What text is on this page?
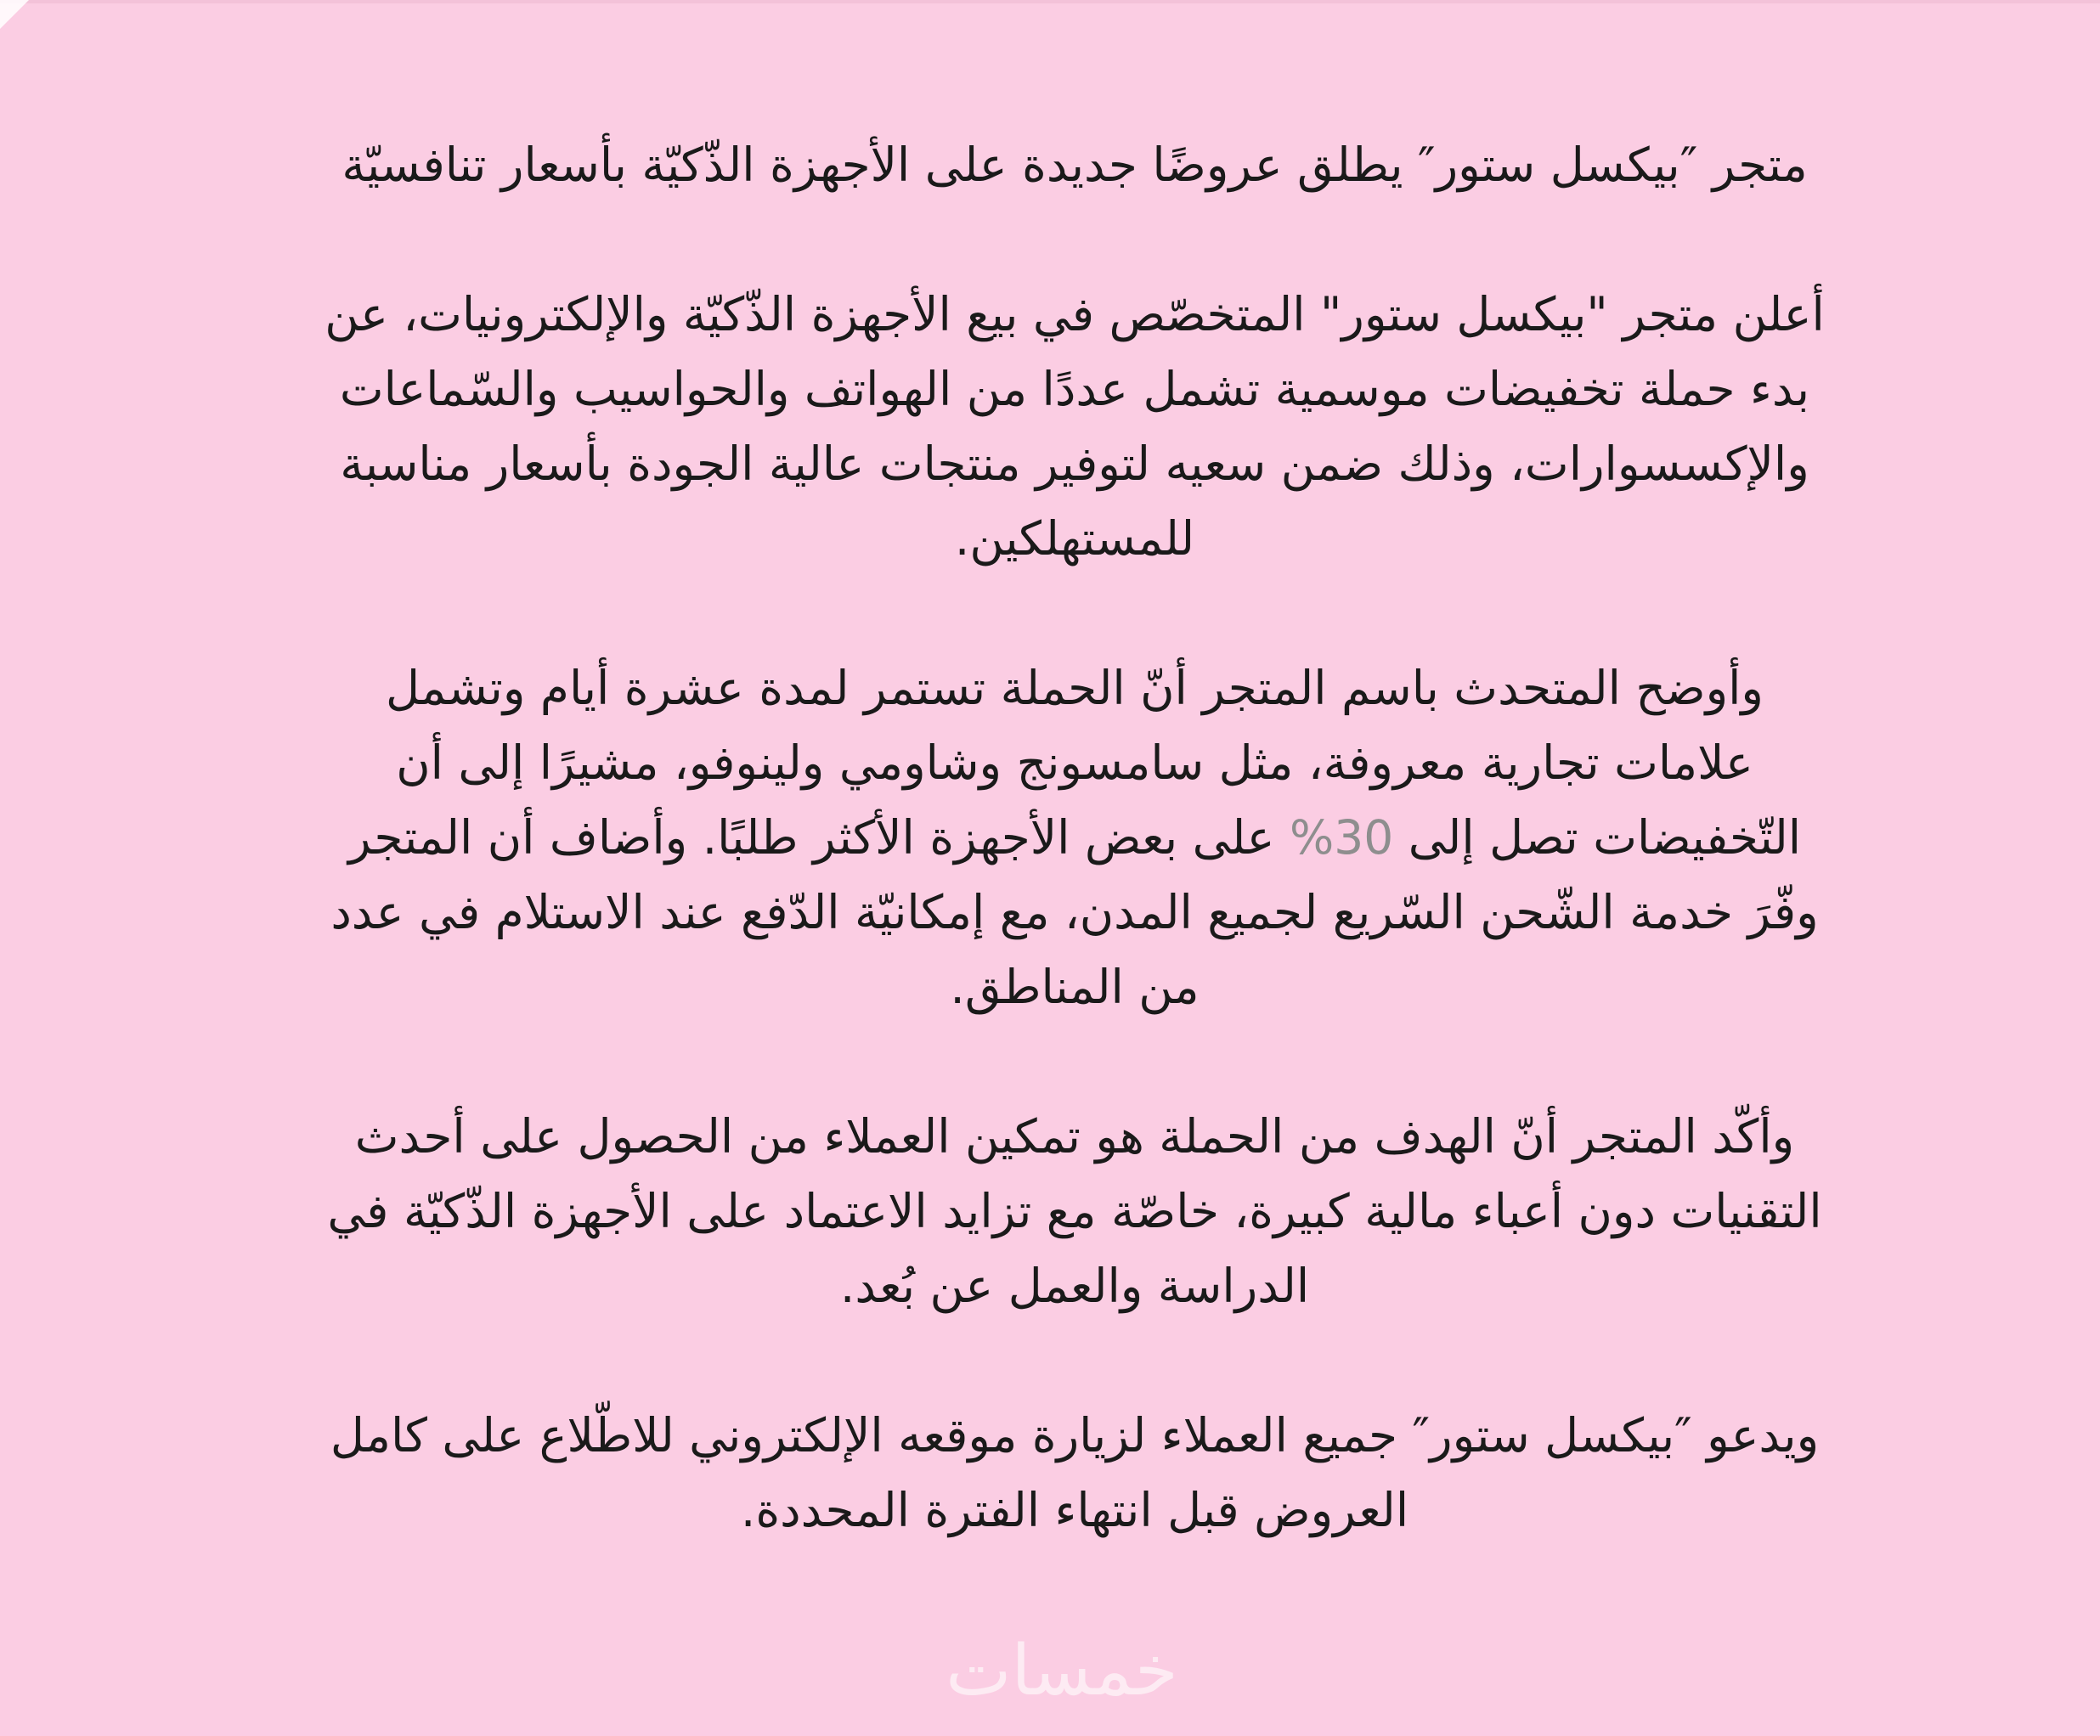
متجر ″بيكسل ستور″ يطلق عروضًا جديدة على الأجهزة الذّكيّة بأسعار تنافسيّة

أعلن متجر "بيكسل ستور" المتخصّص في بيع الأجهزة الذّكيّة والإلكترونيات، عن بدء حملة تخفيضات موسمية تشمل عددًا من الهواتف والحواسيب والسّماعات والإكسسوارات، وذلك ضمن سعيه لتوفير منتجات عالية الجودة بأسعار مناسبة للمستهلكين.

وأوضح المتحدث باسم المتجر أنّ الحملة تستمر لمدة عشرة أيام وتشمل علامات تجارية معروفة، مثل سامسونج وشاومي ولينوفو، مشيرًا إلى أن التّخفيضات تصل إلى 30% على بعض الأجهزة الأكثر طلبًا. وأضاف أن المتجر وفّرَ خدمة الشّحن السّريع لجميع المدن، مع إمكانيّة الدّفع عند الاستلام في عدد من المناطق.

وأكّد المتجر أنّ الهدف من الحملة هو تمكين العملاء من الحصول على أحدث التقنيات دون أعباء مالية كبيرة، خاصّة مع تزايد الاعتماد على الأجهزة الذّكيّة في الدراسة والعمل عن بُعد.

ويدعو ″بيكسل ستور″ جميع العملاء لزيارة موقعه الإلكتروني للاطّلاع على كامل العروض قبل انتهاء الفترة المحددة.

خمسات
